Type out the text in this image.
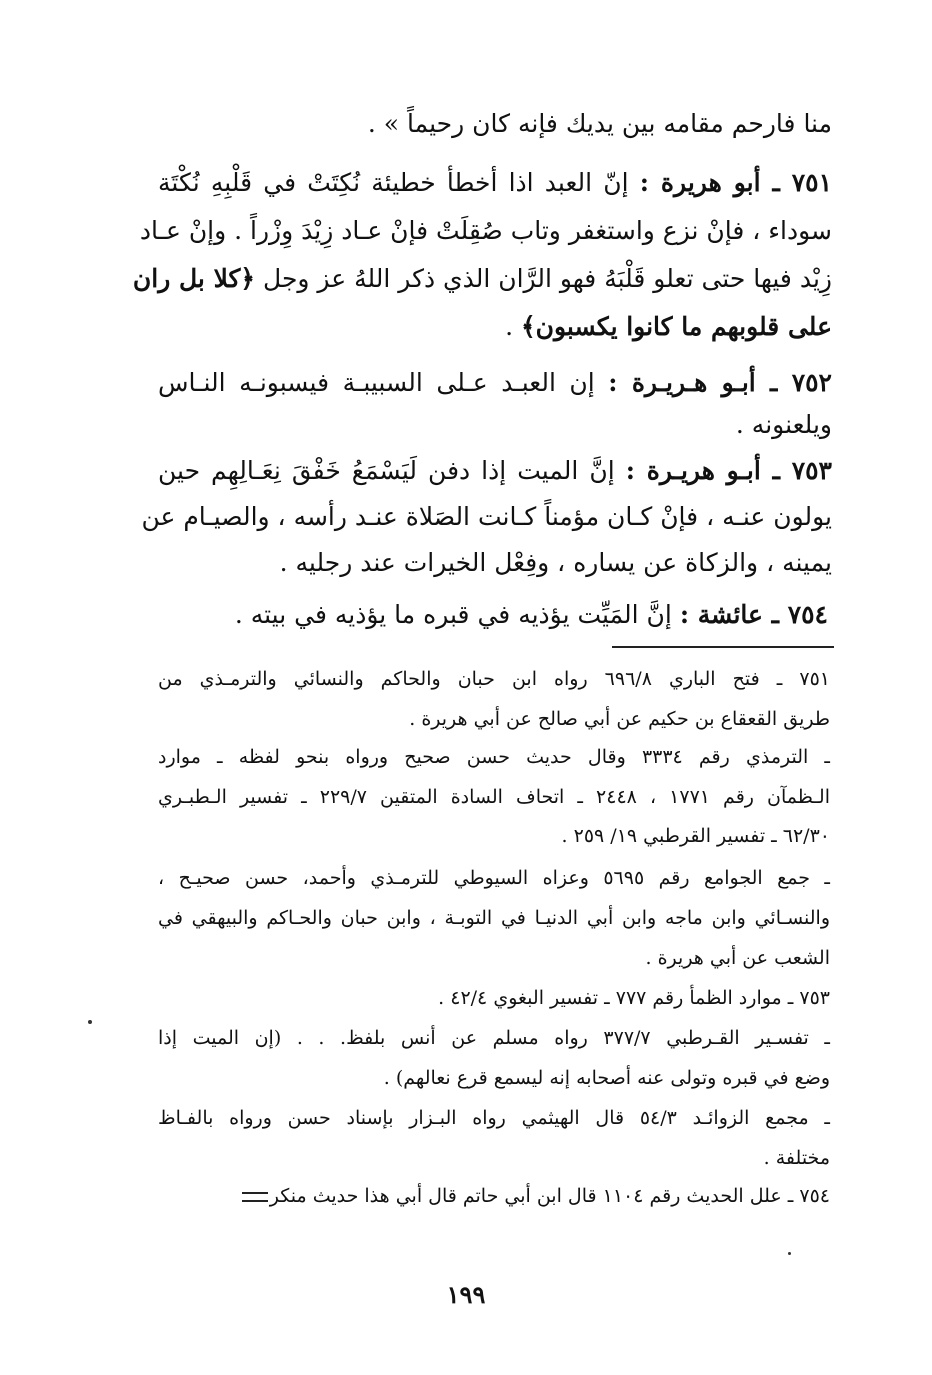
منا فارحم مقامه بين يديك فإنه كان رحيماً » .
٧٥١ ـ أبو هريرة : إنّ العبد اذا أخطأ خطيئة نُكِتَتْ في قَلْبِهِ نُكْتَة
سوداء ، فإنْ نزع واستغفر وتاب صُقِلَتْ فإنْ عـاد زِيْدَ وِزْراً . وإنْ عـاد
زِيْد فيها حتى تعلو قَلْبَهُ فهو الرَّان الذي ذكر اللهُ عز وجل ﴿كلا بل ران
على قلوبهم ما كانوا يكسبون﴾ .
٧٥٢ ـ أبـو هـريـرة : إن العبـد عـلى السبيبـة فيسبونـه النـاس
ويلعنونه .
٧٥٣ ـ أبـو هريـرة : إنَّ الميت إذا دفن لَيَسْمَعُ خَفْقَ نِعَـالِهِم حين
يولون عنـه ، فإنْ كـان مؤمناً كـانت الصَلاة عنـد رأسه ، والصيـام عن
يمينه ، والزكاة عن يساره ، وفِعْل الخيرات عند رجليه .
٧٥٤ ـ عائشة : إنَّ المَيِّت يؤذيه في قبره ما يؤذيه في بيته .
٧٥١ ـ فتح الباري ٦٩٦/٨ رواه ابن حبان والحاكم والنسائي والترمـذي من
طريق القعقاع بن حكيم عن أبي صالح عن أبي هريرة .
ـ الترمذي رقم ٣٣٣٤ وقال حديث حسن صحيح ورواه بنحو لفظه ـ موارد
الـظمآن رقم ١٧٧١ ، ٢٤٤٨ ـ اتحاف السادة المتقين ٢٢٩/٧ ـ تفسير الـطبـري
٦٢/٣٠ ـ تفسير القرطبي ١٩/ ٢٥٩ .
ـ جمع الجوامع رقم ٥٦٩٥ وعزاه السيوطي للترمـذي وأحمد، حسن صحيـح ،
والنسـائي وابن ماجه وابن أبي الدنيـا في التوبـة ، وابن حبان والحـاكم والبيهقي في
الشعب عن أبي هريرة .
٧٥٣ ـ موارد الظمأ رقم ٧٧٧ ـ تفسير البغوي ٤٢/٤ .
ـ تفسـير القـرطبي ٣٧٧/٧ رواه مسلم عن أنس بلفظ. . . (إن الميت إذا
وضع في قبره وتولى عنه أصحابه إنه ليسمع قرع نعالهم) .
ـ مجمع الزوائـد ٥٤/٣ قال الهيثمي رواه البـزار بإسناد حسن ورواه بالفـاظ
مختلفة .
٧٥٤ ـ علل الحديث رقم ١١٠٤ قال ابن أبي حاتم قال أبي هذا حديث منكر
١٩٩
